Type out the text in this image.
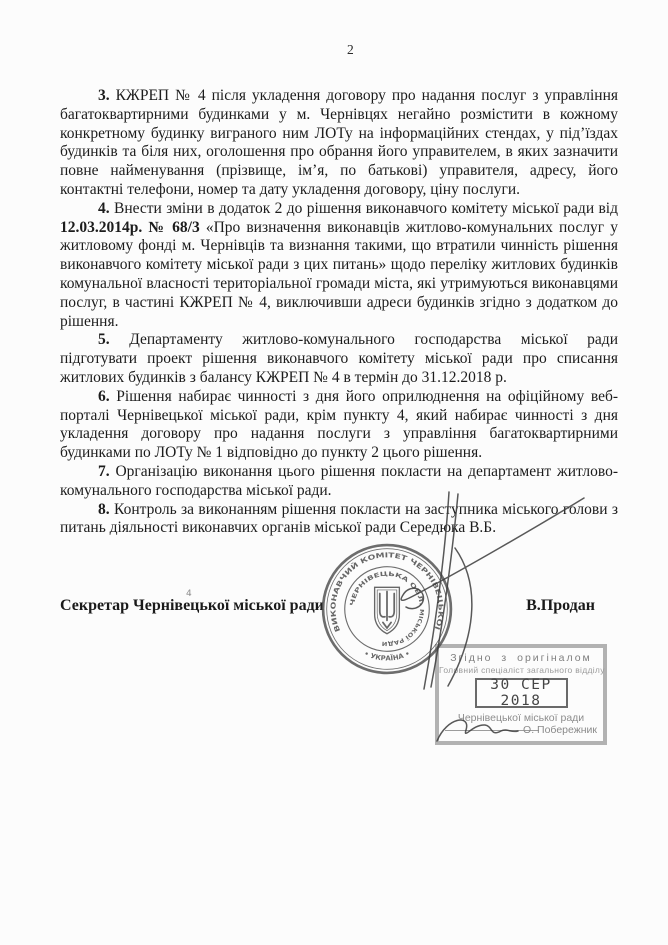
2

3. КЖРЕП № 4 після укладення договору про надання послуг з управління багатоквартирними будинками у м. Чернівцях негайно розмістити в кожному конкретному будинку виграного ним ЛОТу на інформаційних стендах, у під’їздах будинків та біля них, оголошення про обрання його управителем, в яких зазначити повне найменування (прізвище, ім’я, по батькові) управителя, адресу, його контактні телефони, номер та дату укладення договору, ціну послуги.

4. Внести зміни в додаток 2 до рішення виконавчого комітету міської ради від 12.03.2014р. № 68/3 «Про визначення виконавців житлово-комунальних послуг у житловому фонді м. Чернівців та визнання такими, що втратили чинність рішення виконавчого комітету міської ради з цих питань» щодо переліку житлових будинків комунальної власності територіальної громади міста, які утримуються виконавцями послуг, в частині КЖРЕП № 4, виключивши адреси будинків згідно з додатком до рішення.

5. Департаменту житлово-комунального господарства міської ради підготувати проект рішення виконавчого комітету міської ради про списання житлових будинків з балансу КЖРЕП № 4 в термін до 31.12.2018 р.

6. Рішення набирає чинності з дня його оприлюднення на офіційному веб-порталі Чернівецької міської ради, крім пункту 4, який набирає чинності з дня укладення договору про надання послуги з управління багатоквартирними будинками по ЛОТу № 1 відповідно до пункту 2 цього рішення.

7. Організацію виконання цього рішення покласти на департамент житлово-комунального господарства міської ради.

8. Контроль за виконанням рішення покласти на заступника міського голови з питань діяльності виконавчих органів міської ради Середюка В.Б.

Секретар Чернівецької міської ради	В.Продан
ВИКОНАВЧИЙ КОМІТЕТ ЧЕРНІВЕЦЬКОЇ
• УКРАЇНА •
ЧЕРНІВЕЦЬКА ОБЛ.
МІСЬКОЇ РАДИ
Згідно з оригіналом
Головний спеціаліст загального відділу
30 СЕР 2018
Чернівецької міської ради
О. Побережник
4
